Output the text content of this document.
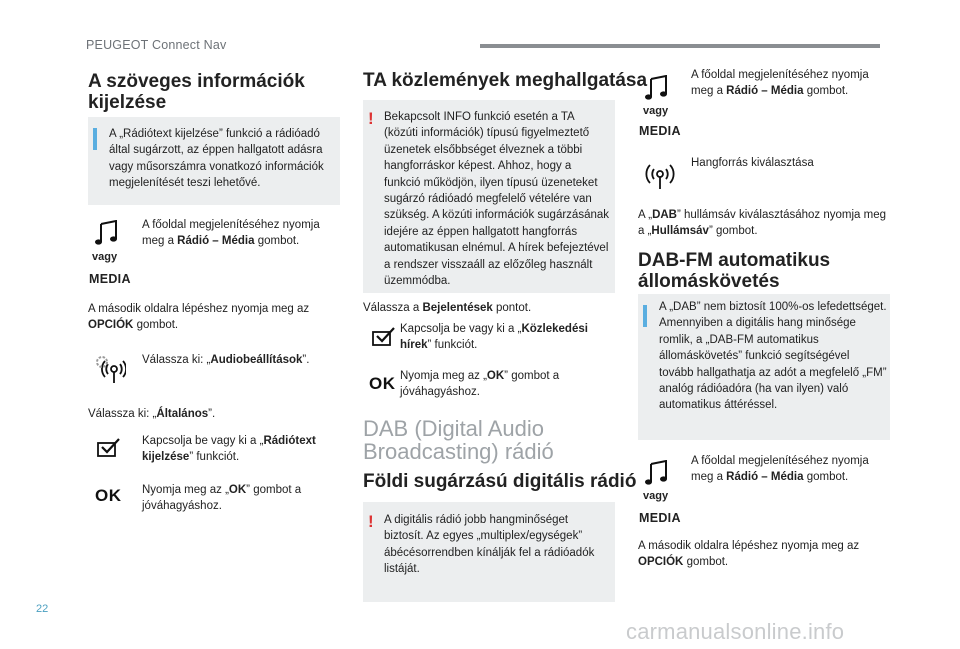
PEUGEOT Connect Nav
A szöveges információk kijelzése
A „Rádiótext kijelzése” funkció a rádióadó által sugárzott, az éppen hallgatott adásra vagy műsorszámra vonatkozó információk megjelenítését teszi lehetővé.
vagy
MEDIA
A főoldal megjelenítéséhez nyomja meg a Rádió – Média gombot.
A második oldalra lépéshez nyomja meg az OPCIÓK gombot.
Válassza ki: „Audiobeállítások”.
Válassza ki: „Általános”.
Kapcsolja be vagy ki a „Rádiótext kijelzése” funkciót.
OK Nyomja meg az „OK” gombot a jóváhagyáshoz.
TA közlemények meghallgatása
! Bekapcsolt INFO funkció esetén a TA (közúti információk) típusú figyelmeztető üzenetek elsőbbséget élveznek a többi hangforráskor képest. Ahhoz, hogy a funkció működjön, ilyen típusú üzeneteket sugárzó rádióadó megfelelő vételére van szükség. A közúti információk sugárzásának idejére az éppen hallgatott hangforrás automatikusan elnémul. A hírek befejeztével a rendszer visszaáll az előzőleg használt üzemmódba.
Válassza a Bejelentések pontot.
Kapcsolja be vagy ki a „Közlekedési hírek” funkciót.
OK Nyomja meg az „OK” gombot a jóváhagyáshoz.
DAB (Digital Audio Broadcasting) rádió
Földi sugárzású digitális rádió
! A digitális rádió jobb hangminőséget biztosít. Az egyes „multiplex/egységek” ábécésorrendben kínálják fel a rádióadók listáját.
vagy
MEDIA
A főoldal megjelenítéséhez nyomja meg a Rádió – Média gombot.
Hangforrás kiválasztása
A „DAB” hullámsáv kiválasztásához nyomja meg a „Hullámsáv” gombot.
DAB-FM automatikus állomáskövetés
A „DAB” nem biztosít 100%-os lefedettséget. Amennyiben a digitális hang minősége romlik, a „DAB-FM automatikus állomáskövetés” funkció segítségével tovább hallgathatja az adót a megfelelő „FM” analóg rádióadóra (ha van ilyen) való automatikus áttéréssel.
vagy
MEDIA
A főoldal megjelenítéséhez nyomja meg a Rádió – Média gombot.
A második oldalra lépéshez nyomja meg az OPCIÓK gombot.
22
carmanualsonline.info
